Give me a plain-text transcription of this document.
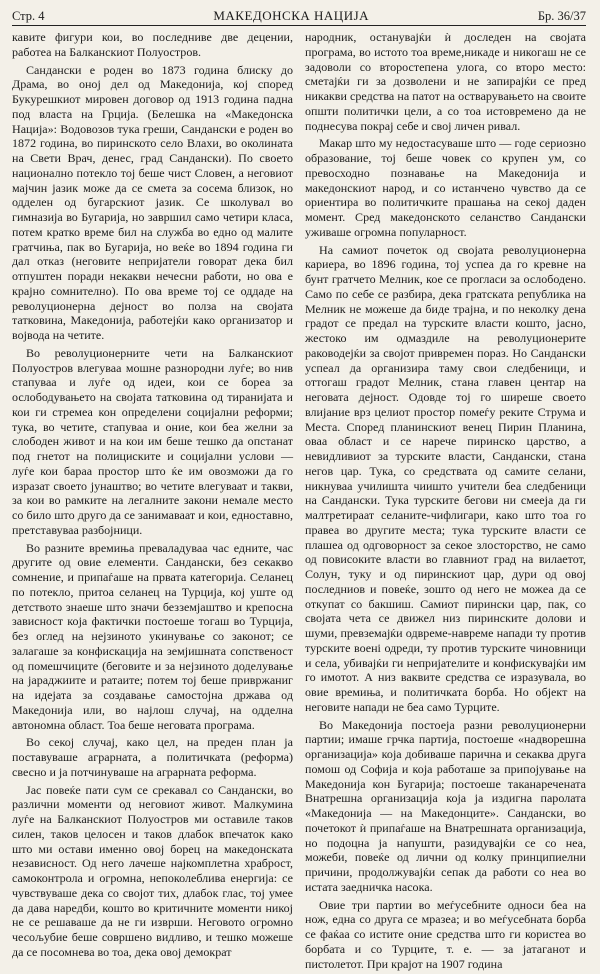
Стр. 4	МАКЕДОНСКА НАЦИЈА	Бр. 36/37

кавите фигури кои, во последниве две децении, работеа на Балканскиот Полуостров.

Сандански е роден во 1873 година блиску до Драма, во оној дел од Македонија, кој според Букурешкиот мировен договор од 1913 година падна под власта на Грција. (Белешка на «Македонска Нација»: Водовозов тука греши, Сандански е роден во 1872 година, во пиринското село Влахи, во околината на Свети Врач, денес, град Сандански). По своето национално потекло тој беше чист Словен, а неговиот мајчин јазик може да се смета за сосема близок, но одделен од бугарскиот јазик. Се школувал во гимназија во Бугарија, но завршил само четири класа, потем кратко време бил на служба во едно од малите гратчиња, пак во Бугарија, но веќе во 1894 година ги дал отказ (неговите непријатели говорат дека бил отпуштен поради некакви нечесни работи, но ова е крајно сомнително). По ова време тој се оддаде на револуционерна дејност во полза на својата татковина, Македонија, работејќи како организатор и војвода на четите.

Во револуционерните чети на Балканскиот Полуостров влегуваа мошне разнородни луѓе; во нив стапуваа и луѓе од идеи, кои се бореа за ослободувањето на својата татковина од тиранијата и кои ги стремеа кон определени социјални реформи; тука, во четите, стапуваа и оние, кои беа желни за слободен живот и на кои им беше тешко да опстанат под гнетот на полициските и социјални услови — луѓе кои бараа простор што ќе им овозможи да го изразат своето јунаштво; во четите влегуваат и такви, за кои во рамките на легалните закони немале место со било што друго да се занимаваат и кои, едноставно, претставуваа разбојници.

Во разните времиња преваладуваа час едните, час другите од овие елементи. Сандански, без секакво сомнение, и припаѓаше на првата категорија. Селанец по потекло, притоа селанец на Турција, кој уште од детството знаеше што значи безземјаштво и крепосна зависност која фактички постоеше тогаш во Турција, без оглед на нејзиното укинување со законот; се залагаше за конфискација на земјишната сопственост од помешчиците (беговите и за нејзиното доделување на јараджиите и ратаите; потем тој беше привржаниг на идејата за создавање самостојна држава од Македонија или, во најлош случај, на одделна автономна област. Тоа беше неговата програма.

Во секој случај, како цел, на преден план ја поставуваше аграрната, а политичката (реформа) свесно и ја потчинуваше на аграрната реформа.

Јас повеќе пати сум се срекавал со Сандански, во различни моменти од неговиот живот. Малкумина луѓе на Балканскиот Полуостров ми оставиле таков силен, таков целосен и таков длабок впечаток како што ми остави именно овој борец на македонската независност. Од него лачеше најкомплетна храброст, самоконтрола и огромна, непоколеблива енергија: се чувствуваше дека со својот тих, длабок глас, тој умее да дава наредби, кошто во критичните моменти никој не се решаваше да не ги изврши. Неговото огромно чесољубие беше совршено видливо, и тешко можеше да се посомнева во тоа, дека овој демократ

народник, останувајќи ѝ доследен на својата програма, во истото тоа време,никаде и никогаш не се задоволи со второстепена улога, со второ место: сметајќи ги за дозволени и не запирајќи се пред никакви средства на патот на остварувањето на своите општи политички цели, а со тоа истовремено да не поднесува покрај себе и свој личен ривал.

Макар што му недостасуваше што — годе сериозно образование, тој беше човек со крупен ум, со превосходно познавање на Македонија и македонскиот народ, и со истанчено чувство да се ориентира во политичките прашања на секој даден момент. Сред македонското селанство Сандански уживаше огромна популарност.

На самиот почеток од својата револуционерна кариера, во 1896 година, тој успеа да го кревне на бунт гратчето Мелник, кое се прогласи за ослободено. Само по себе се разбира, дека гратската република на Мелник не можеше да биде трајна, и по неколку дена градот се предал на турските власти кошто, јасно, жестоко им одмаздиле на револуционерите раководејќи за својот привремен пораз. Но Сандански успеал да организира таму свои следбеници, и оттогаш градот Мелник, стана главен центар на неговата дејност. Одовде тој го ширеше своето влијание врз целиот простор помеѓу реките Струма и Места. Според планинскиот венец Пирин Планина, оваа област и се нарече пиринско царство, а невидливиот за турските власти, Сандански, стана негов цар. Тука, со средствата од самите селани, никнуваа училишта чиишто учители беа следбеници на Сандански. Тука турските бегови ни смееја да ги малтретираат селаните-чифлигари, како што тоа го правеа во другите места; тука турските власти се плашеа од одговорност за секое злосторство, не само од повисоките власти во главниот град на вилаетот, Солун, туку и од пиринскиот цар, дури од овој последниов и повеќе, зошто од него не можеа да се откупат со бакшиш. Самиот пирински цар, пак, со својата чета се движел низ пиринските долови и шуми, превземајќи одвреме-навреме напади ту против турските военi одреди, ту против турските чиновници и села, убивајќи ги непријателите и конфискувајќи им го имотот. А низ ваквите средства се изразувала, во овие времиња, и политичката борба. Но објект на неговите напади не беа само Турците.

Во Македонија постоеја разни револуционерни партии; имаше грчка партија, постоеше «надворешна организација» која добиваше парична и секаква друга помош од Софија и која работаше за припојување на Македонија кон Бугарија; постоеше таканаречената Внатрешна организација која ја издигна паролата «Македонија — на Македонците». Сандански, во почетокот ѝ припаѓаше на Внатрешната организација, но подоцна ја напушти, разидувајќи се со неа, можеби, повеќе од лични од колку принципиелни причини, продолжувајќи сепак да работи со неа во истата заедничка насока.

Овие три партии во меѓусебните односи беа на нож, една со друга се мразеа; и во меѓусебната борба се фаќаа со истите оние средства што ги користеа во борбата и со Турците, т. е. — за јатаганот и пистолетот. При крајот на 1907 година
